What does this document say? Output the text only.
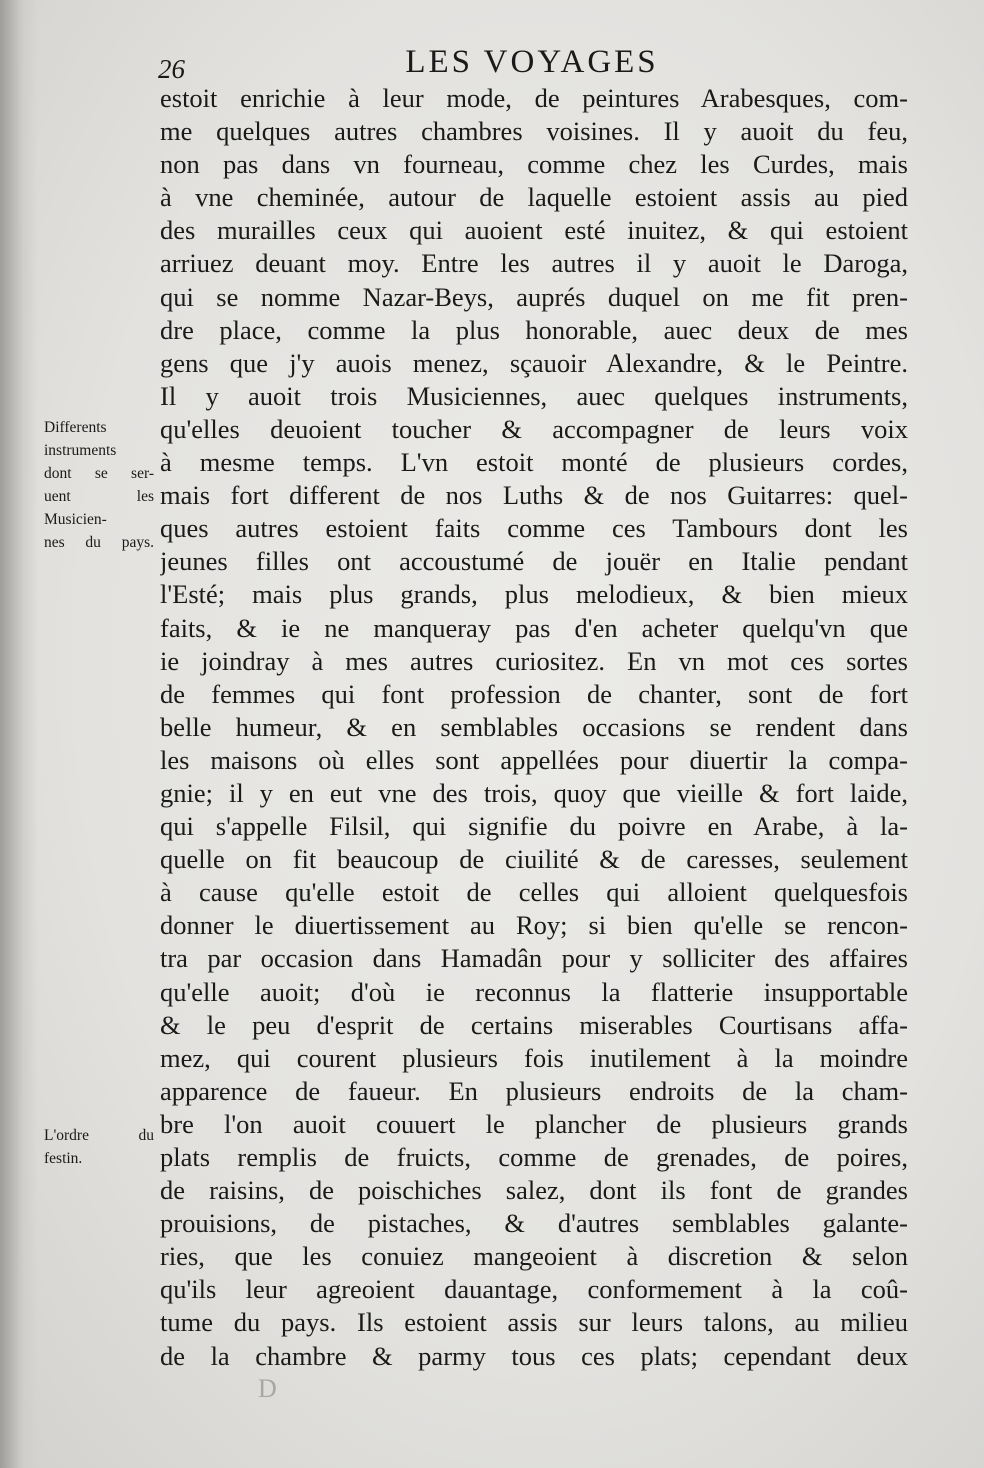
26	LES VOYAGES
estoit enrichie à leur mode, de peintures Arabesques, com-
me quelques autres chambres voisines. Il y auoit du feu,
non pas dans vn fourneau, comme chez les Curdes, mais
à vne cheminée, autour de laquelle estoient assis au pied
des murailles ceux qui auoient esté inuitez, & qui estoient
arriuez deuant moy. Entre les autres il y auoit le Daroga,
qui se nomme Nazar-Beys, auprés duquel on me fit pren-
dre place, comme la plus honorable, auec deux de mes
gens que j'y auois menez, sçauoir Alexandre, & le Peintre.
Il y auoit trois Musiciennes, auec quelques instruments,
qu'elles deuoient toucher & accompagner de leurs voix
à mesme temps. L'vn estoit monté de plusieurs cordes,
mais fort different de nos Luths & de nos Guitarres: quel-
ques autres estoient faits comme ces Tambours dont les
jeunes filles ont accoustumé de jouër en Italie pendant
l'Esté; mais plus grands, plus melodieux, & bien mieux
faits, & ie ne manqueray pas d'en acheter quelqu'vn que
ie joindray à mes autres curiositez. En vn mot ces sortes
de femmes qui font profession de chanter, sont de fort
belle humeur, & en semblables occasions se rendent dans
les maisons où elles sont appellées pour diuertir la compa-
gnie; il y en eut vne des trois, quoy que vieille & fort laide,
qui s'appelle Filsil, qui signifie du poivre en Arabe, à la-
quelle on fit beaucoup de ciuilité & de caresses, seulement
à cause qu'elle estoit de celles qui alloient quelquesfois
donner le diuertissement au Roy; si bien qu'elle se rencon-
tra par occasion dans Hamadân pour y solliciter des affaires
qu'elle auoit; d'où ie reconnus la flatterie insupportable
& le peu d'esprit de certains miserables Courtisans affa-
mez, qui courent plusieurs fois inutilement à la moindre
apparence de faueur. En plusieurs endroits de la cham-
bre l'on auoit couuert le plancher de plusieurs grands
plats remplis de fruicts, comme de grenades, de poires,
de raisins, de poischiches salez, dont ils font de grandes
prouisions, de pistaches, & d'autres semblables galante-
ries, que les conuiez mangeoient à discretion & selon
qu'ils leur agreoient dauantage, conformement à la coû-
tume du pays. Ils estoient assis sur leurs talons, au milieu
de la chambre & parmy tous ces plats; cependant deux
Differents
instruments
dont se ser-
uent les
Musicien-
nes du pays.
L'ordre du
festin.
D
